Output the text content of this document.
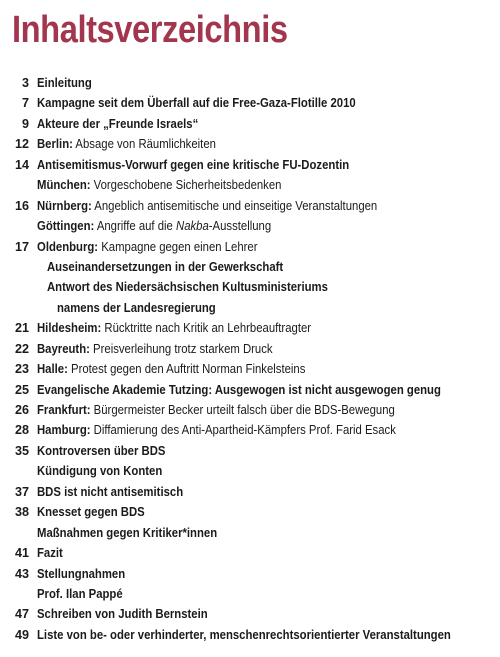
Inhaltsverzeichnis
3 Einleitung
7 Kampagne seit dem Überfall auf die Free-Gaza-Flotille 2010
9 Akteure der „Freunde Israels“
12 Berlin: Absage von Räumlichkeiten
14 Antisemitismus-Vorwurf gegen eine kritische FU-Dozentin
München: Vorgeschobene Sicherheitsbedenken
16 Nürnberg: Angeblich antisemitische und einseitige Veranstaltungen
Göttingen: Angriffe auf die Nakba-Ausstellung
17 Oldenburg: Kampagne gegen einen Lehrer
Auseinandersetzungen in der Gewerkschaft
Antwort des Niedersächsischen Kultusministeriums
namens der Landesregierung
21 Hildesheim: Rücktritte nach Kritik an Lehrbeauftragter
22 Bayreuth: Preisverleihung trotz starkem Druck
23 Halle: Protest gegen den Auftritt Norman Finkelsteins
25 Evangelische Akademie Tutzing: Ausgewogen ist nicht ausgewogen genug
26 Frankfurt: Bürgermeister Becker urteilt falsch über die BDS-Bewegung
28 Hamburg: Diffamierung des Anti-Apartheid-Kämpfers Prof. Farid Esack
35 Kontroversen über BDS
Kündigung von Konten
37 BDS ist nicht antisemitisch
38 Knesset gegen BDS
Maßnahmen gegen Kritiker*innen
41 Fazit
43 Stellungnahmen
Prof. Ilan Pappé
47 Schreiben von Judith Bernstein
49 Liste von be- oder verhinderter, menschenrechtsorientierter Veranstaltungen
